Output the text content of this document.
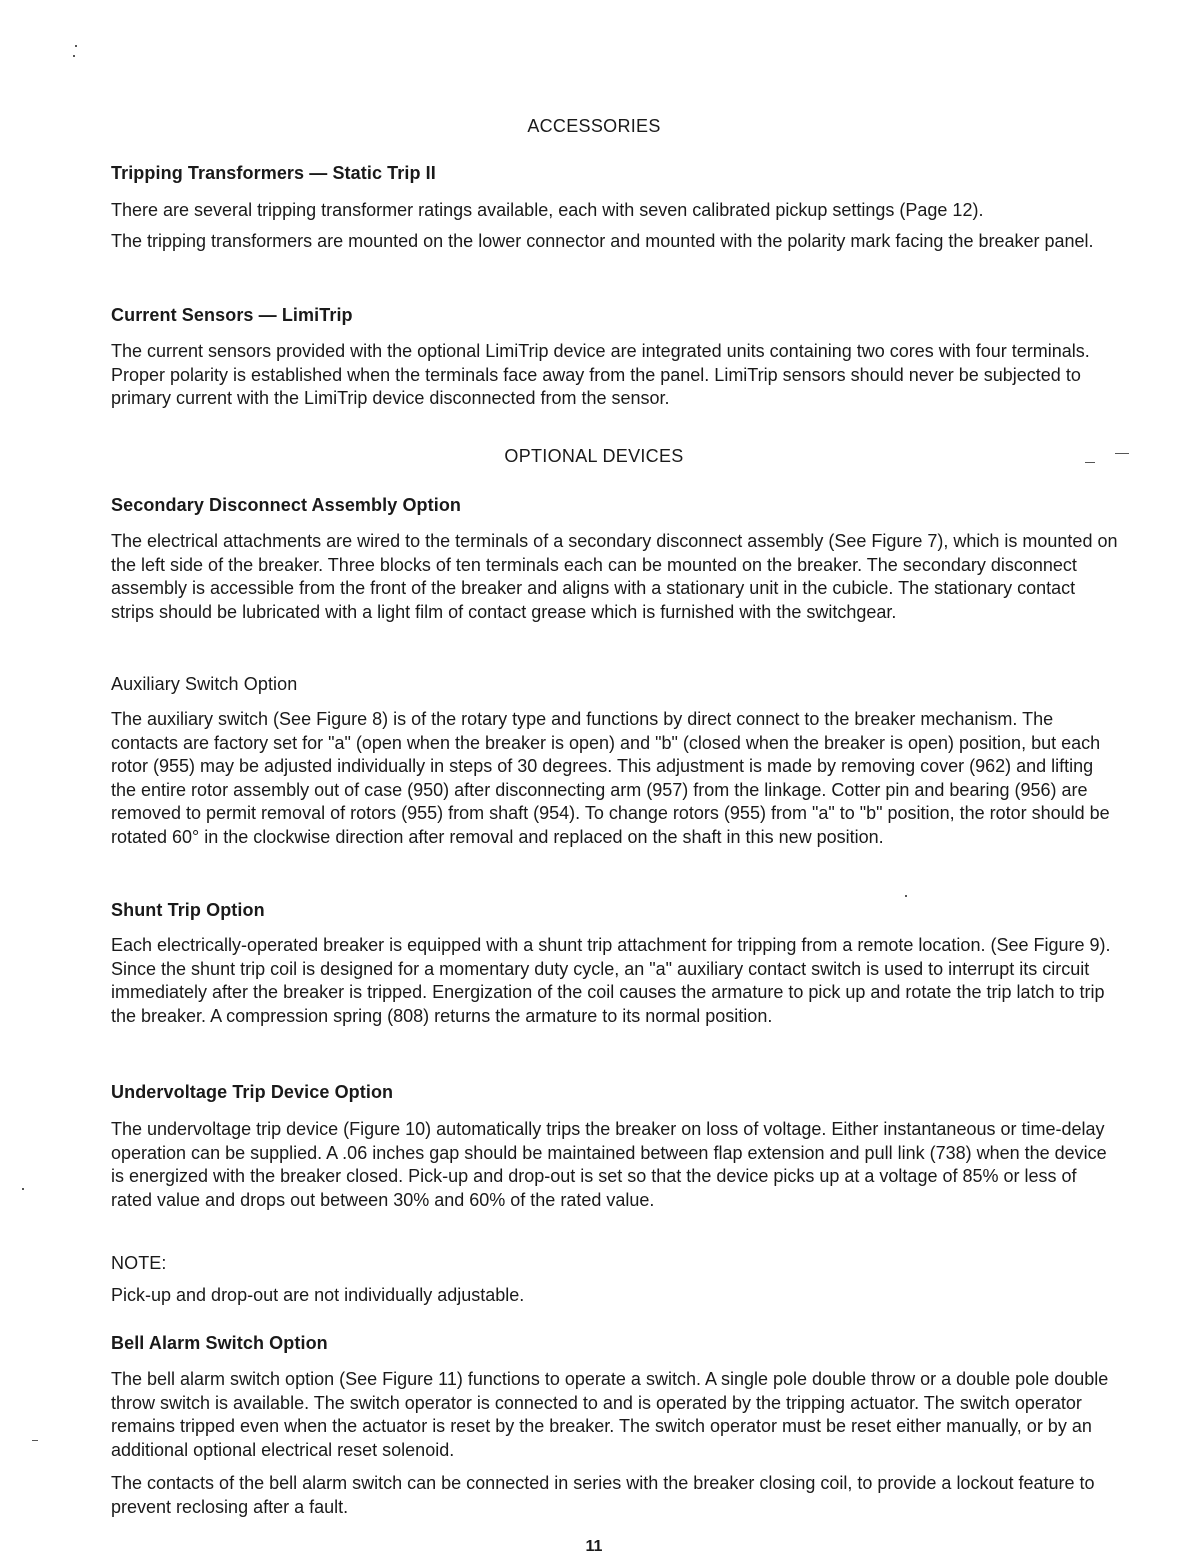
ACCESSORIES
Tripping Transformers — Static Trip II

There are several tripping transformer ratings available, each with seven calibrated pickup settings (Page 12).

The tripping transformers are mounted on the lower connector and mounted with the polarity mark facing the breaker panel.

Current Sensors — LimiTrip

The current sensors provided with the optional LimiTrip device are integrated units containing two cores with four terminals. Proper polarity is established when the terminals face away from the panel. LimiTrip sensors should never be subjected to primary current with the LimiTrip device disconnected from the sensor.

OPTIONAL DEVICES
Secondary Disconnect Assembly Option

The electrical attachments are wired to the terminals of a secondary disconnect assembly (See Figure 7), which is mounted on the left side of the breaker. Three blocks of ten terminals each can be mounted on the breaker. The secondary disconnect assembly is accessible from the front of the breaker and aligns with a stationary unit in the cubicle. The stationary contact strips should be lubricated with a light film of contact grease which is furnished with the switchgear.

Auxiliary Switch Option

The auxiliary switch (See Figure 8) is of the rotary type and functions by direct connect to the breaker mechanism. The contacts are factory set for "a" (open when the breaker is open) and "b" (closed when the breaker is open) position, but each rotor (955) may be adjusted individually in steps of 30 degrees. This adjustment is made by removing cover (962) and lifting the entire rotor assembly out of case (950) after disconnecting arm (957) from the linkage. Cotter pin and bearing (956) are removed to permit removal of rotors (955) from shaft (954). To change rotors (955) from "a" to "b" position, the rotor should be rotated 60° in the clockwise direction after removal and replaced on the shaft in this new position.

Shunt Trip Option

Each electrically-operated breaker is equipped with a shunt trip attachment for tripping from a remote location. (See Figure 9). Since the shunt trip coil is designed for a momentary duty cycle, an "a" auxiliary contact switch is used to interrupt its circuit immediately after the breaker is tripped. Energization of the coil causes the armature to pick up and rotate the trip latch to trip the breaker. A compression spring (808) returns the armature to its normal position.

Undervoltage Trip Device Option

The undervoltage trip device (Figure 10) automatically trips the breaker on loss of voltage. Either instantaneous or time-delay operation can be supplied. A .06 inches gap should be maintained between flap extension and pull link (738) when the device is energized with the breaker closed. Pick-up and drop-out is set so that the device picks up at a voltage of 85% or less of rated value and drops out between 30% and 60% of the rated value.

NOTE:

Pick-up and drop-out are not individually adjustable.

Bell Alarm Switch Option

The bell alarm switch option (See Figure 11) functions to operate a switch. A single pole double throw or a double pole double throw switch is available. The switch operator is connected to and is operated by the tripping actuator. The switch operator remains tripped even when the actuator is reset by the breaker. The switch operator must be reset either manually, or by an additional optional electrical reset solenoid.

The contacts of the bell alarm switch can be connected in series with the breaker closing coil, to provide a lockout feature to prevent reclosing after a fault.

11
